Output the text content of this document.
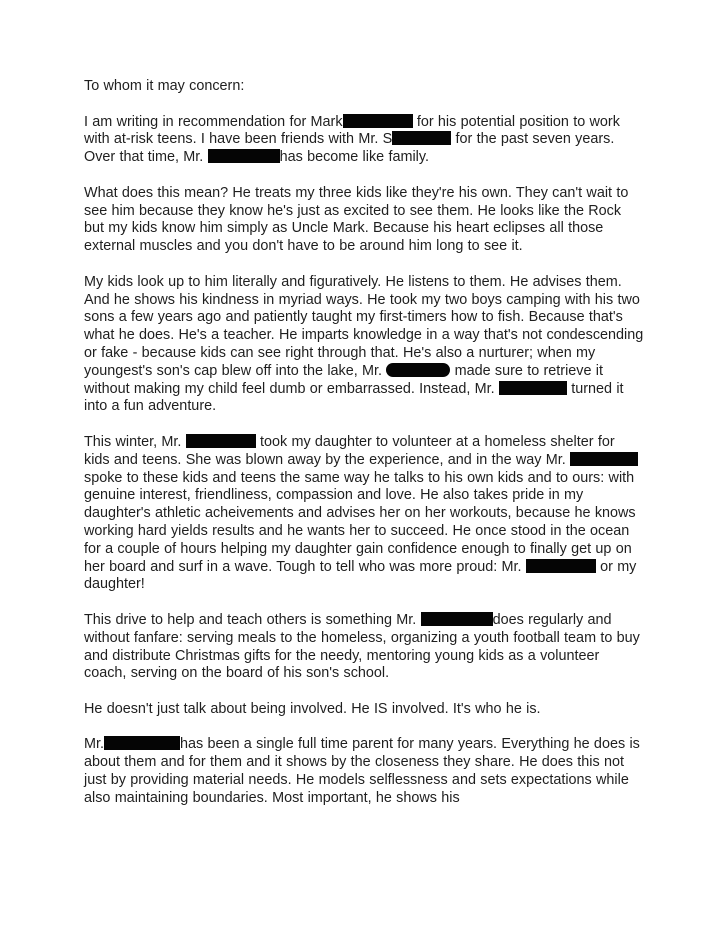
To whom it may concern:
I am writing in recommendation for Mark	for his potential position to work with at-risk teens. I have been friends with Mr. S	for the past seven years. Over that time, Mr.	has become like family.
What does this mean? He treats my three kids like they're his own. They can't wait to see him because they know he's just as excited to see them. He looks like the Rock but my kids know him simply as Uncle Mark. Because his heart eclipses all those external muscles and you don't have to be around him long to see it.
My kids look up to him literally and figuratively. He listens to them. He advises them. And he shows his kindness in myriad ways. He took my two boys camping with his two sons a few years ago and patiently taught my first-timers how to fish. Because that's what he does. He's a teacher. He imparts knowledge in a way that's not condescending or fake - because kids can see right through that. He's also a nurturer; when my youngest's son's cap blew off into the lake, Mr.	made sure to retrieve it without making my child feel dumb or embarrassed. Instead, Mr.	turned it into a fun adventure.
This winter, Mr.	took my daughter to volunteer at a homeless shelter for kids and teens. She was blown away by the experience, and in the way Mr.  spoke to these kids and teens the same way he talks to his own kids and to ours: with genuine interest, friendliness, compassion and love. He also takes pride in my daughter's athletic acheivements and advises her on her workouts, because he knows working hard yields results and he wants her to succeed. He once stood in the ocean for a couple of hours helping my daughter gain confidence enough to finally get up on her board and surf in a wave. Tough to tell who was more proud: Mr.	or my daughter!
This drive to help and teach others is something Mr.	does regularly and without fanfare: serving meals to the homeless, organizing a youth football team to buy and distribute Christmas gifts for the needy, mentoring young kids as a volunteer coach, serving on the board of his son's school.
He doesn't just talk about being involved. He IS involved. It's who he is.
Mr.	has been a single full time parent for many years. Everything he does is about them and for them and it shows by the closeness they share. He does this not just by providing material needs. He models selflessness and sets expectations while also maintaining boundaries. Most important, he shows his
